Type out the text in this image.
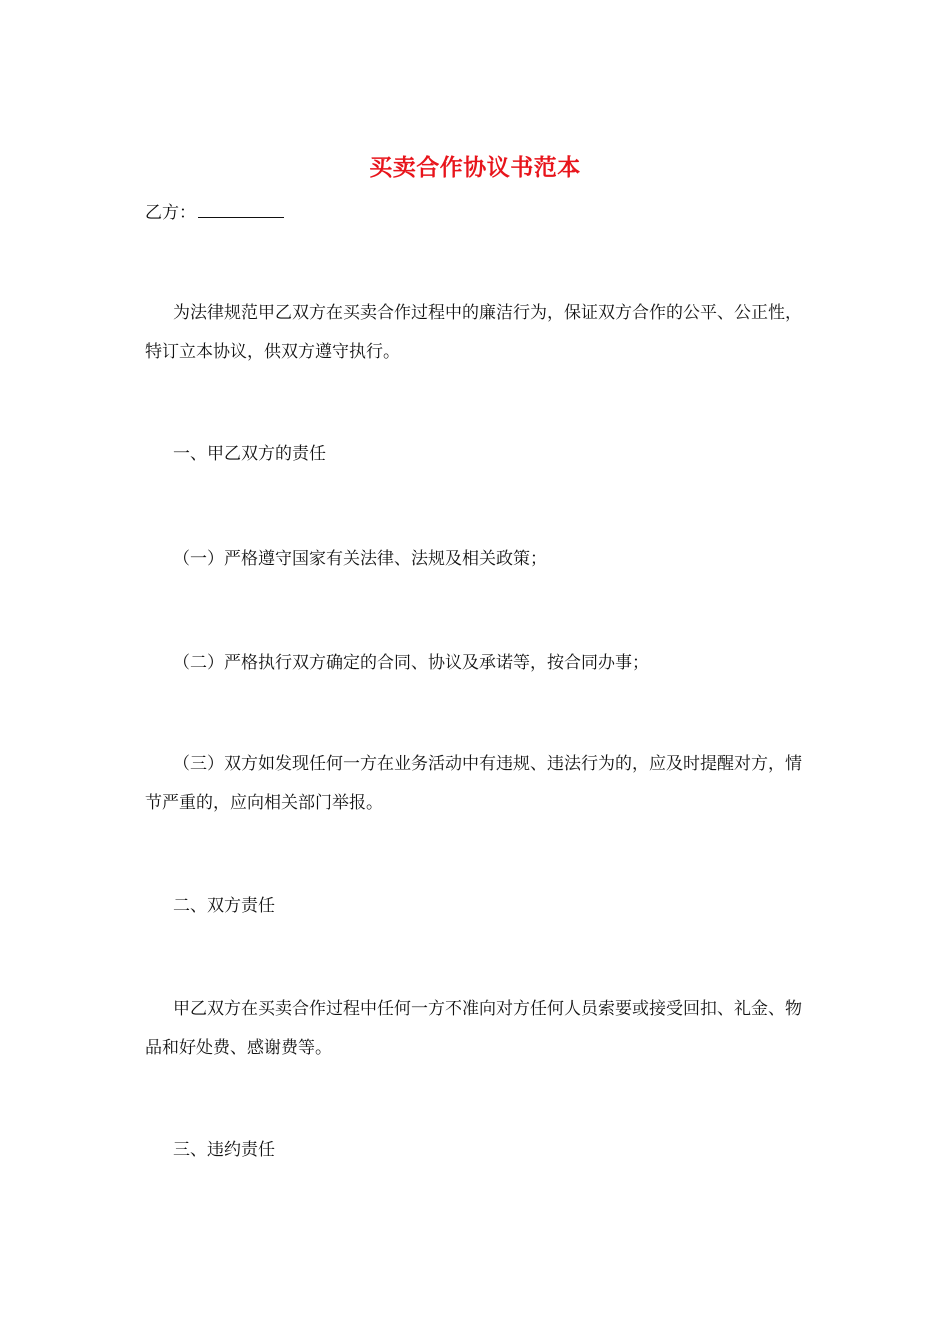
买卖合作协议书范本
乙方：

为法律规范甲乙双方在买卖合作过程中的廉洁行为，保证双方合作的公平、公正性，特订立本协议，供双方遵守执行。

一、甲乙双方的责任

（一）严格遵守国家有关法律、法规及相关政策；

（二）严格执行双方确定的合同、协议及承诺等，按合同办事；

（三）双方如发现任何一方在业务活动中有违规、违法行为的，应及时提醒对方，情节严重的，应向相关部门举报。

二、双方责任

甲乙双方在买卖合作过程中任何一方不准向对方任何人员索要或接受回扣、礼金、物品和好处费、感谢费等。

三、违约责任
